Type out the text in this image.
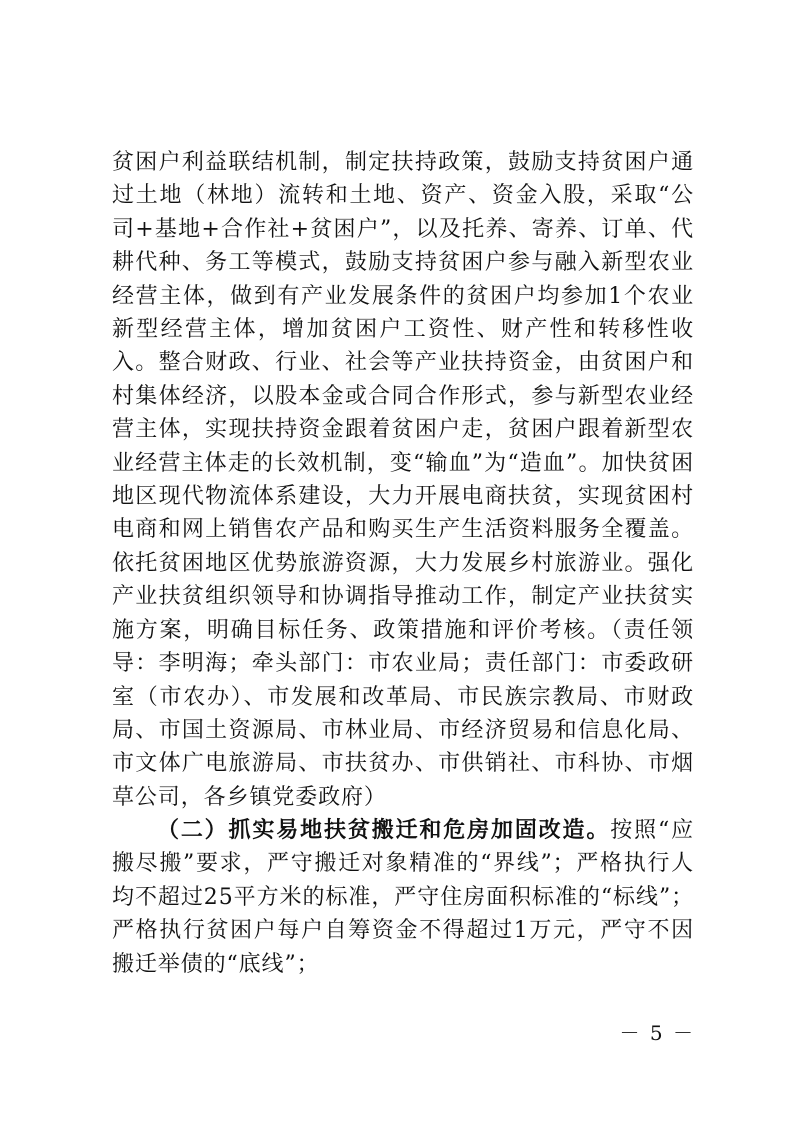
贫困户利益联结机制，制定扶持政策，鼓励支持贫困户通过土地（林地）流转和土地、资产、资金入股，采取“公司+基地+合作社+贫困户”，以及托养、寄养、订单、代耕代种、务工等模式，鼓励支持贫困户参与融入新型农业经营主体，做到有产业发展条件的贫困户均参加1个农业新型经营主体，增加贫困户工资性、财产性和转移性收入。整合财政、行业、社会等产业扶持资金，由贫困户和村集体经济，以股本金或合同合作形式，参与新型农业经营主体，实现扶持资金跟着贫困户走，贫困户跟着新型农业经营主体走的长效机制，变“输血”为“造血”。加快贫困地区现代物流体系建设，大力开展电商扶贫，实现贫困村电商和网上销售农产品和购买生产生活资料服务全覆盖。依托贫困地区优势旅游资源，大力发展乡村旅游业。强化产业扶贫组织领导和协调指导推动工作，制定产业扶贫实施方案，明确目标任务、政策措施和评价考核。（责任领导：李明海；牵头部门：市农业局；责任部门：市委政研室（市农办）、市发展和改革局、市民族宗教局、市财政局、市国土资源局、市林业局、市经济贸易和信息化局、市文体广电旅游局、市扶贫办、市供销社、市科协、市烟草公司，各乡镇党委政府）

（二）抓实易地扶贫搬迁和危房加固改造。按照“应搬尽搬”要求，严守搬迁对象精准的“界线”；严格执行人均不超过25平方米的标准，严守住房面积标准的“标线”；严格执行贫困户每户自筹资金不得超过1万元，严守不因搬迁举债的“底线”；

－ 5 －
